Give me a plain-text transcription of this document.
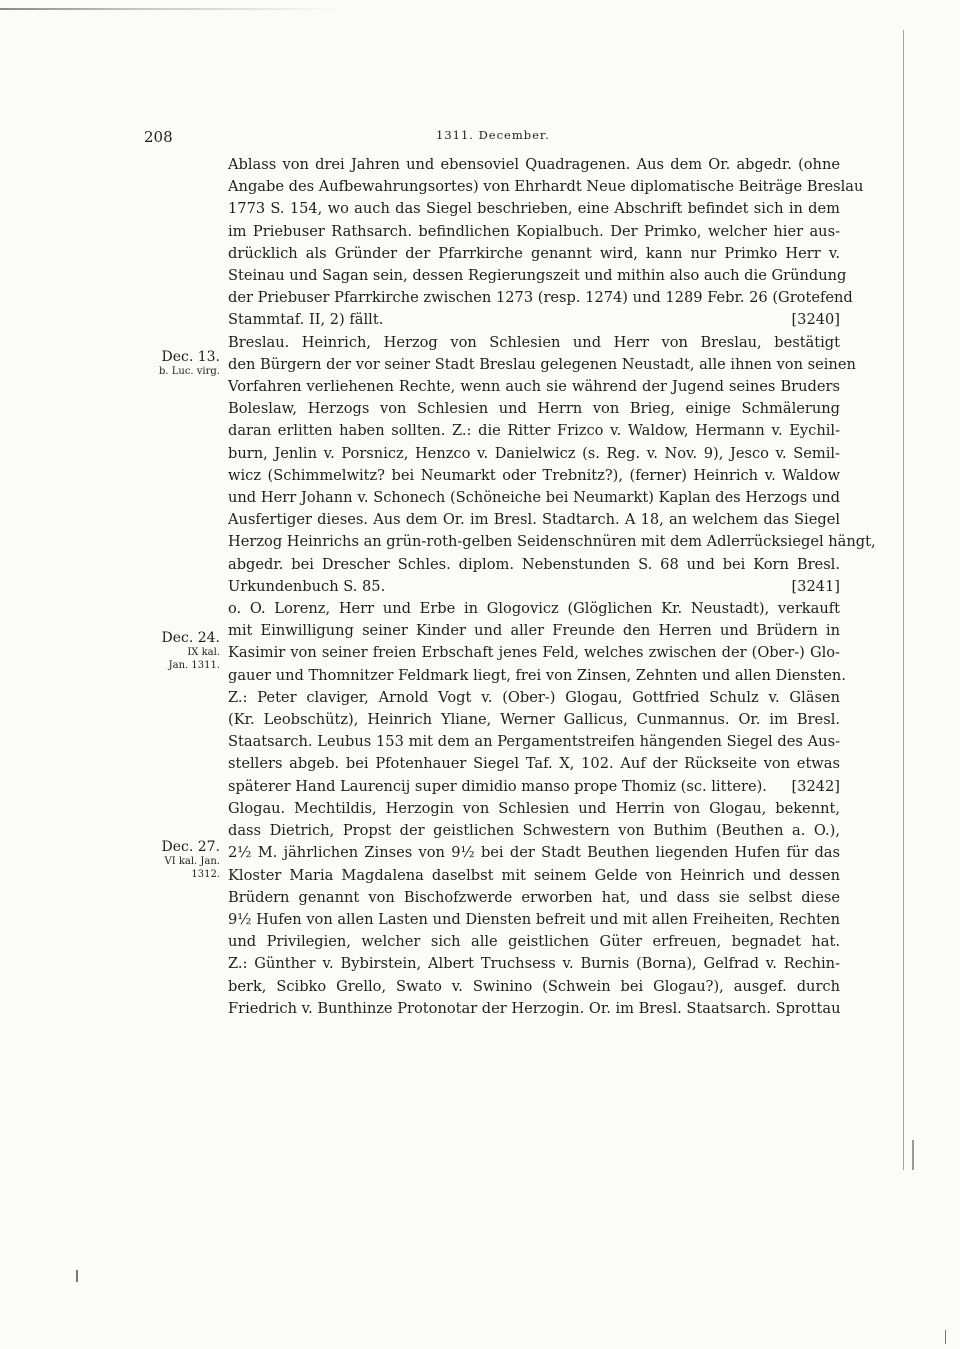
208	1311. December.
Dec. 13.
b. Luc. virg.
Dec. 24.
IX kal.
Jan. 1311.
Dec. 27.
VI kal. Jan.
1312.
Ablass von drei Jahren und ebensoviel Quadragenen. Aus dem Or. abgedr. (ohne
Angabe des Aufbewahrungsortes) von Ehrhardt Neue diplomatische Beiträge Breslau
1773 S. 154, wo auch das Siegel beschrieben, eine Abschrift befindet sich in dem
im Priebuser Rathsarch. befindlichen Kopialbuch. Der Primko, welcher hier aus-
drücklich als Gründer der Pfarrkirche genannt wird, kann nur Primko Herr v.
Steinau und Sagan sein, dessen Regierungszeit und mithin also auch die Gründung
der Priebuser Pfarrkirche zwischen 1273 (resp. 1274) und 1289 Febr. 26 (Grotefend
Stammtaf. II, 2) fällt.	[3240]
Breslau. Heinrich, Herzog von Schlesien und Herr von Breslau, bestätigt
den Bürgern der vor seiner Stadt Breslau gelegenen Neustadt, alle ihnen von seinen
Vorfahren verliehenen Rechte, wenn auch sie während der Jugend seines Bruders
Boleslaw, Herzogs von Schlesien und Herrn von Brieg, einige Schmälerung
daran erlitten haben sollten. Z.: die Ritter Frizco v. Waldow, Hermann v. Eychil-
burn, Jenlin v. Porsnicz, Henzco v. Danielwicz (s. Reg. v. Nov. 9), Jesco v. Semil-
wicz (Schimmelwitz? bei Neumarkt oder Trebnitz?), (ferner) Heinrich v. Waldow
und Herr Johann v. Schonech (Schöneiche bei Neumarkt) Kaplan des Herzogs und
Ausfertiger dieses. Aus dem Or. im Bresl. Stadtarch. A 18, an welchem das Siegel
Herzog Heinrichs an grün-roth-gelben Seidenschnüren mit dem Adlerrücksiegel hängt,
abgedr. bei Drescher Schles. diplom. Nebenstunden S. 68 und bei Korn Bresl.
Urkundenbuch S. 85.	[3241]
o. O. Lorenz, Herr und Erbe in Glogovicz (Glöglichen Kr. Neustadt), verkauft
mit Einwilligung seiner Kinder und aller Freunde den Herren und Brüdern in
Kasimir von seiner freien Erbschaft jenes Feld, welches zwischen der (Ober-) Glo-
gauer und Thomnitzer Feldmark liegt, frei von Zinsen, Zehnten und allen Diensten.
Z.: Peter claviger, Arnold Vogt v. (Ober-) Glogau, Gottfried Schulz v. Gläsen
(Kr. Leobschütz), Heinrich Yliane, Werner Gallicus, Cunmannus. Or. im Bresl.
Staatsarch. Leubus 153 mit dem an Pergamentstreifen hängenden Siegel des Aus-
stellers abgeb. bei Pfotenhauer Siegel Taf. X, 102. Auf der Rückseite von etwas
späterer Hand Laurencij super dimidio manso prope Thomiz (sc. littere). [3242]
Glogau. Mechtildis, Herzogin von Schlesien und Herrin von Glogau, bekennt,
dass Dietrich, Propst der geistlichen Schwestern von Buthim (Beuthen a. O.),
2½ M. jährlichen Zinses von 9½ bei der Stadt Beuthen liegenden Hufen für das
Kloster Maria Magdalena daselbst mit seinem Gelde von Heinrich und dessen
Brüdern genannt von Bischofzwerde erworben hat, und dass sie selbst diese
9½ Hufen von allen Lasten und Diensten befreit und mit allen Freiheiten, Rechten
und Privilegien, welcher sich alle geistlichen Güter erfreuen, begnadet hat.
Z.: Günther v. Bybirstein, Albert Truchsess v. Burnis (Borna), Gelfrad v. Rechin-
berk, Scibko Grello, Swato v. Swinino (Schwein bei Glogau?), ausgef. durch
Friedrich v. Bunthinze Protonotar der Herzogin. Or. im Bresl. Staatsarch. Sprottau
